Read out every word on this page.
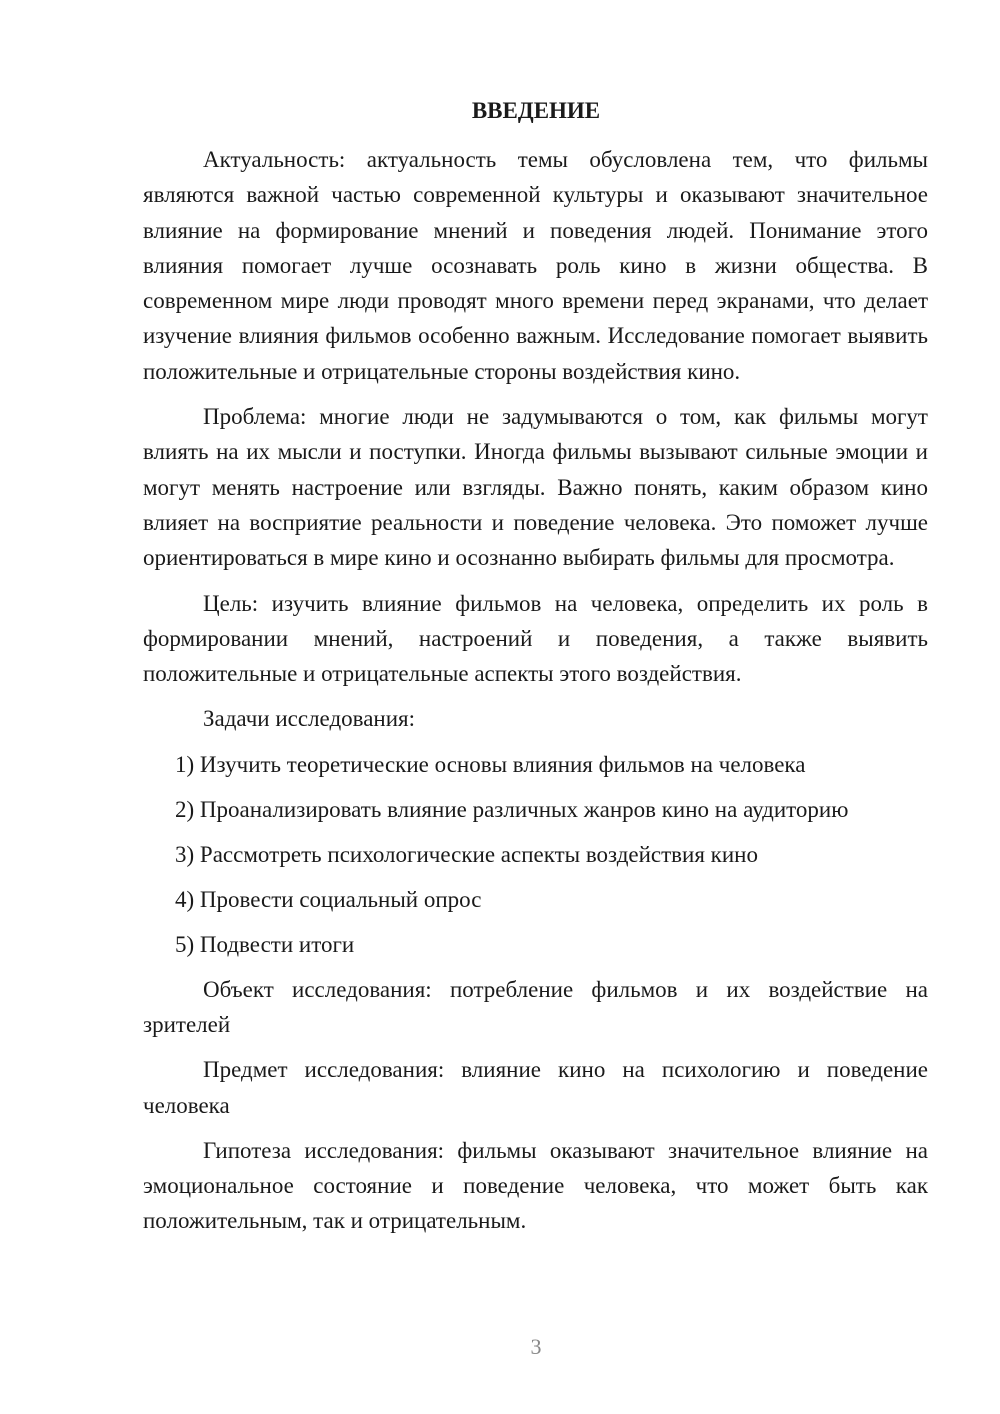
ВВЕДЕНИЕ

Актуальность: актуальность темы обусловлена тем, что фильмы являются важной частью современной культуры и оказывают значительное влияние на формирование мнений и поведения людей. Понимание этого влияния помогает лучше осознавать роль кино в жизни общества. В современном мире люди проводят много времени перед экранами, что делает изучение влияния фильмов особенно важным. Исследование помогает выявить положительные и отрицательные стороны воздействия кино.

Проблема: многие люди не задумываются о том, как фильмы могут влиять на их мысли и поступки. Иногда фильмы вызывают сильные эмоции и могут менять настроение или взгляды. Важно понять, каким образом кино влияет на восприятие реальности и поведение человека. Это поможет лучше ориентироваться в мире кино и осознанно выбирать фильмы для просмотра.

Цель: изучить влияние фильмов на человека, определить их роль в формировании мнений, настроений и поведения, а также выявить положительные и отрицательные аспекты этого воздействия.

Задачи исследования:

1) Изучить теоретические основы влияния фильмов на человека

2) Проанализировать влияние различных жанров кино на аудиторию

3) Рассмотреть психологические аспекты воздействия кино

4) Провести социальный опрос

5) Подвести итоги

Объект исследования: потребление фильмов и их воздействие на зрителей

Предмет исследования: влияние кино на психологию и поведение человека

Гипотеза исследования: фильмы оказывают значительное влияние на эмоциональное состояние и поведение человека, что может быть как положительным, так и отрицательным.

3
